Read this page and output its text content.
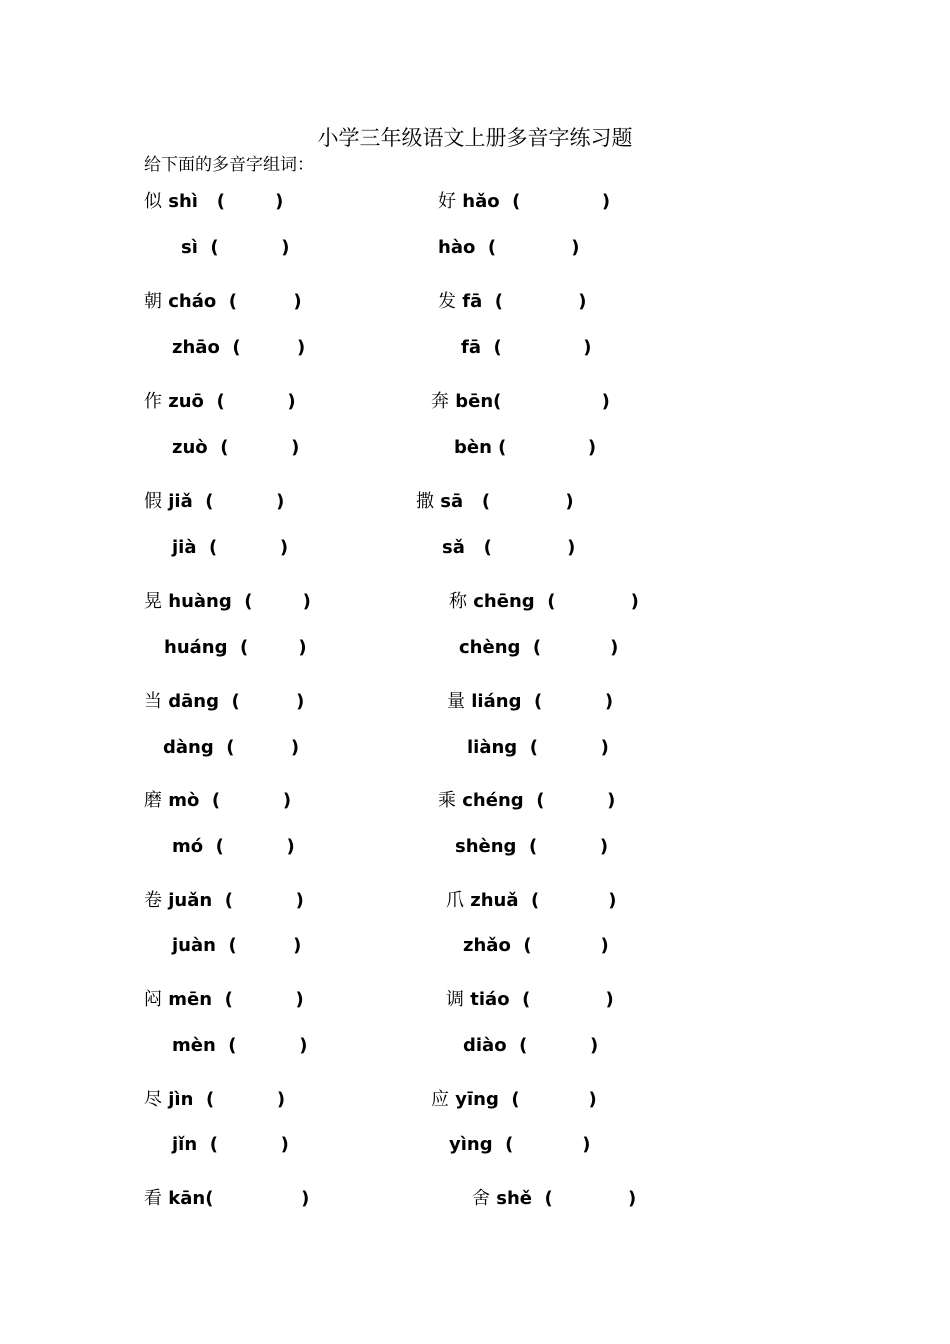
小学三年级语文上册多音字练习题
给下面的多音字组词：
似 shì   (        )	好 hǎo  (             )
sì  (          )	hào  (            )
朝 cháo  (         )	发 fā  (            )
zhāo  (         )	fā  (             )
作 zuō  (          )	奔 bēn(                )
zuò  (          )	bèn (             )
假 jiǎ  (          )	撒 sā   (            )
jià  (          )	sǎ   (            )
晃 huàng  (        )	称 chēng  (            )
huáng  (        )	chèng  (           )
当 dāng  (         )	量 liáng  (          )
dàng  (         )	liàng  (          )
磨 mò  (          )	乘 chéng  (          )
mó  (          )	shèng  (          )
卷 juǎn  (          )	爪 zhuǎ  (           )
juàn  (         )	zhǎo  (           )
闷 mēn  (          )	调 tiáo  (            )
mèn  (          )	diào  (          )
尽 jìn  (          )	应 yīng  (           )
jǐn  (          )	yìng  (           )
看 kān(              )	舍 shě  (            )
